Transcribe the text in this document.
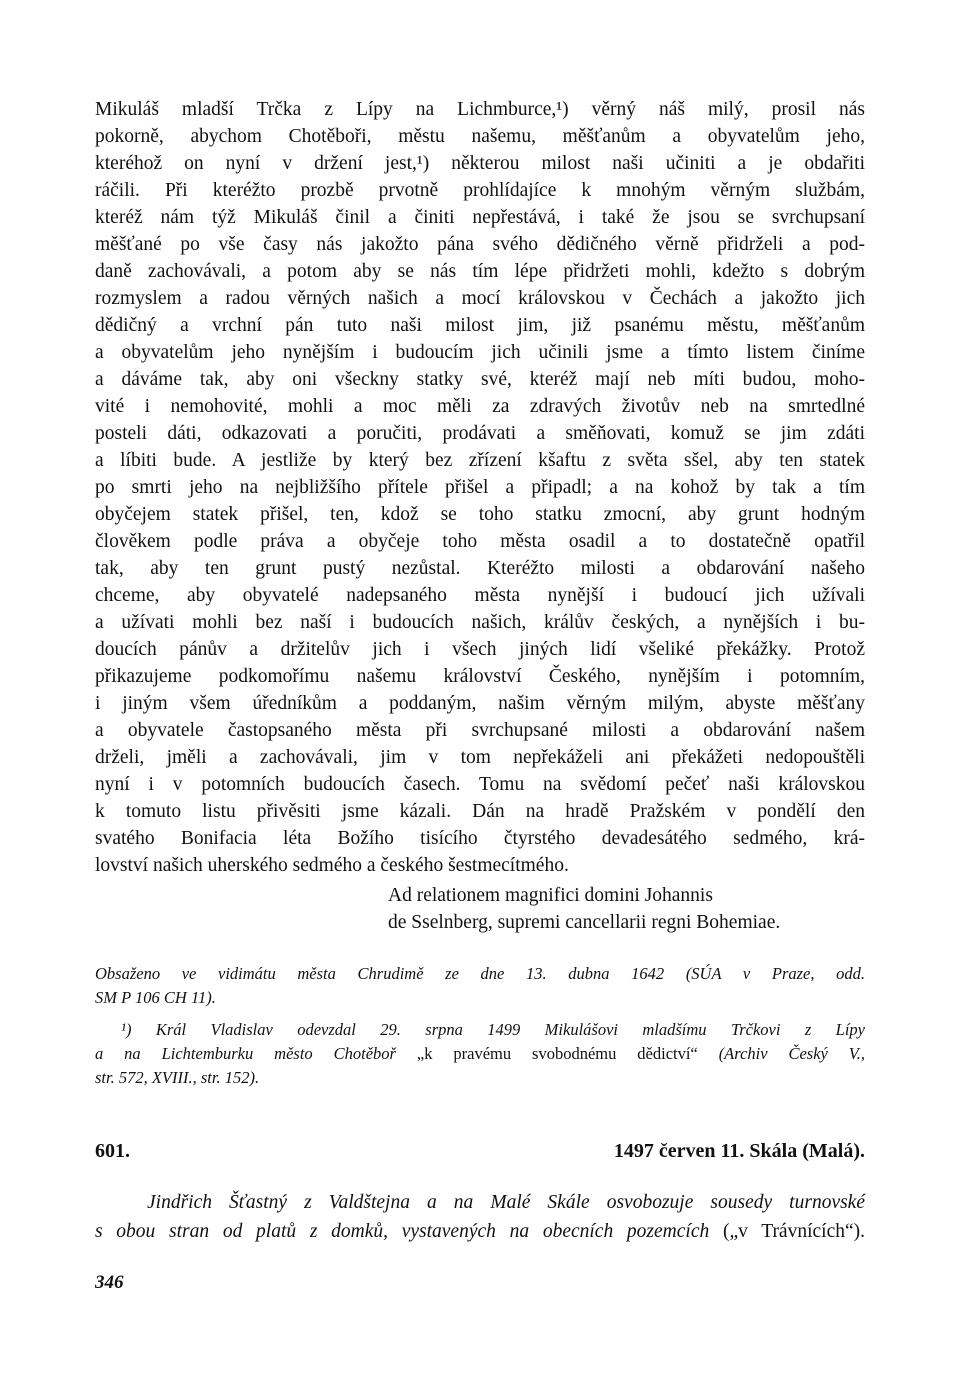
Mikuláš mladší Trčka z Lípy na Lichmburce,¹) věrný náš milý, prosil nás
pokorně, abychom Chotěboři, městu našemu, měšťanům a obyvatelům jeho,
kteréhož on nyní v držení jest,¹) některou milost naši učiniti a je obdařiti
ráčili. Při kteréžto prozbě prvotně prohlídajíce k mnohým věrným službám,
kteréž nám týž Mikuláš činil a činiti nepřestává, i také že jsou se svrchupsaní
měšťané po vše časy nás jakožto pána svého dědičného věrně přidrželi a pod-
daně zachovávali, a potom aby se nás tím lépe přidržeti mohli, kdežto s dobrým
rozmyslem a radou věrných našich a mocí královskou v Čechách a jakožto jich
dědičný a vrchní pán tuto naši milost jim, již psanému městu, měšťanům
a obyvatelům jeho nynějším i budoucím jich učinili jsme a tímto listem činíme
a dáváme tak, aby oni všeckny statky své, kteréž mají neb míti budou, moho-
vité i nemohovité, mohli a moc měli za zdravých životův neb na smrtedlné
posteli dáti, odkazovati a poručiti, prodávati a směňovati, komuž se jim zdáti
a líbiti bude. A jestliže by který bez zřízení kšaftu z světa sšel, aby ten statek
po smrti jeho na nejbližšího přítele přišel a připadl; a na kohož by tak a tím
obyčejem statek přišel, ten, kdož se toho statku zmocní, aby grunt hodným
člověkem podle práva a obyčeje toho města osadil a to dostatečně opatřil
tak, aby ten grunt pustý nezůstal. Kteréžto milosti a obdarování našeho
chceme, aby obyvatelé nadepsaného města nynější i budoucí jich užívali
a užívati mohli bez naší i budoucích našich, králův českých, a nynějších i bu-
doucích pánův a držitelův jich i všech jiných lidí všeliké překážky. Protož
přikazujeme podkomořímu našemu království Českého, nynějším i potomním,
i jiným všem úředníkům a poddaným, našim věrným milým, abyste měšťany
a obyvatele častopsaného města při svrchupsané milosti a obdarování našem
drželi, jměli a zachovávali, jim v tom nepřekáželi ani překážeti nedopouštěli
nyní i v potomních budoucích časech. Tomu na svědomí pečeť naši královskou
k tomuto listu přivěsiti jsme kázali. Dán na hradě Pražském v pondělí den
svatého Bonifacia léta Božího tisícího čtyrstého devadesátého sedmého, krá-
lovství našich uherského sedmého a českého šestmecítmého.
Ad relationem magnifici domini Johannis
de Sselnberg, supremi cancellarii regni Bohemiae.
Obsaženo ve vidimátu města Chrudimě ze dne 13. dubna 1642 (SÚA v Praze, odd.
SM P 106 CH 11).
¹) Král Vladislav odevzdal 29. srpna 1499 Mikulášovi mladšímu Trčkovi z Lípy
a na Lichtemburku město Chotěboř „k pravému svobodnému dědictví“ (Archiv Český V.,
str. 572, XVIII., str. 152).
601.	1497 červen 11. Skála (Malá).
Jindřich Šťastný z Valdštejna a na Malé Skále osvobozuje sousedy turnovské
s obou stran od platů z domků, vystavených na obecních pozemcích („v Trávnících“).
346
